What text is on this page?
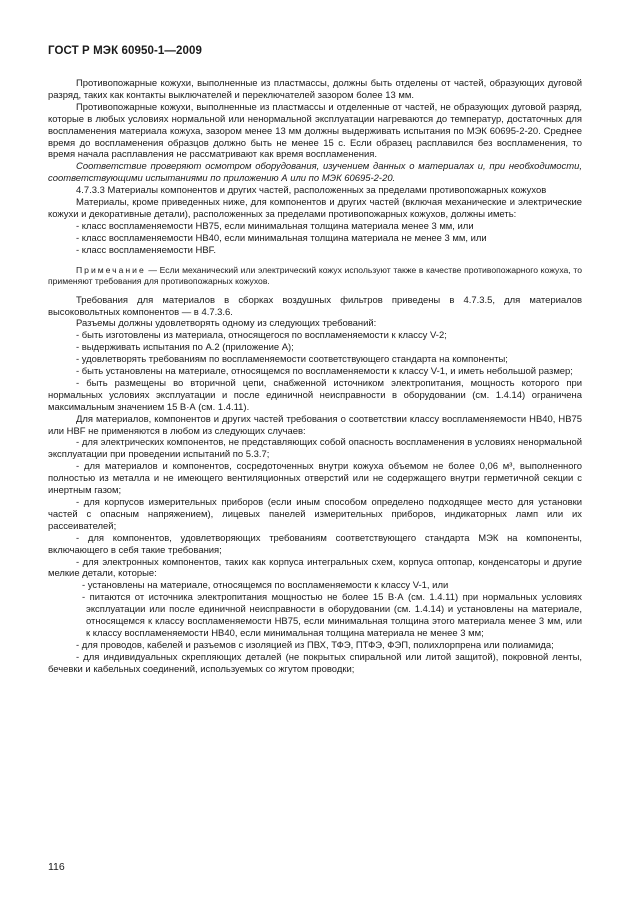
ГОСТ Р МЭК 60950-1—2009

Противопожарные кожухи, выполненные из пластмассы, должны быть отделены от частей, образующих дуговой разряд, таких как контакты выключателей и переключателей зазором более 13 мм.

Противопожарные кожухи, выполненные из пластмассы и отделенные от частей, не образующих дуговой разряд, которые в любых условиях нормальной или ненормальной эксплуатации нагреваются до температур, достаточных для воспламенения материала кожуха, зазором менее 13 мм должны выдерживать испытания по МЭК 60695-2-20. Среднее время до воспламенения образцов должно быть не менее 15 с. Если образец расплавился без воспламенения, то время начала расплавления не рассматривают как время воспламенения.

Соответствие проверяют осмотром оборудования, изучением данных о материалах и, при необходимости, соответствующими испытаниями по приложению А или по МЭК 60695-2-20.

4.7.3.3 Материалы компонентов и других частей, расположенных за пределами противопожарных кожухов

Материалы, кроме приведенных ниже, для компонентов и других частей (включая механические и электрические кожухи и декоративные детали), расположенных за пределами противопожарных кожухов, должны иметь:

- класс воспламеняемости HB75, если минимальная толщина материала менее 3 мм, или

- класс воспламеняемости HB40, если минимальная толщина материала не менее 3 мм, или

- класс воспламеняемости HBF.

Примечание — Если механический или электрический кожух используют также в качестве противопожарного кожуха, то применяют требования для противопожарных кожухов.

Требования для материалов в сборках воздушных фильтров приведены в 4.7.3.5, для материалов высоковольтных компонентов — в 4.7.3.6.

Разъемы должны удовлетворять одному из следующих требований:

- быть изготовлены из материала, относящегося по воспламеняемости к классу V-2;

- выдерживать испытания по А.2 (приложение А);

- удовлетворять требованиям по воспламеняемости соответствующего стандарта на компоненты;

- быть установлены на материале, относящемся по воспламеняемости к классу V-1, и иметь небольшой размер;

- быть размещены во вторичной цепи, снабженной источником электропитания, мощность которого при нормальных условиях эксплуатации и после единичной неисправности в оборудовании (см. 1.4.14) ограничена максимальным значением 15 В·А (см. 1.4.11).

Для материалов, компонентов и других частей требования о соответствии классу воспламеняемости HB40, HB75 или HBF не применяются в любом из следующих случаев:

- для электрических компонентов, не представляющих собой опасность воспламенения в условиях ненормальной эксплуатации при проведении испытаний по 5.3.7;

- для материалов и компонентов, сосредоточенных внутри кожуха объемом не более 0,06 м³, выполненного полностью из металла и не имеющего вентиляционных отверстий или не содержащего внутри герметичной секции с инертным газом;

- для корпусов измерительных приборов (если иным способом определено подходящее место для установки частей с опасным напряжением), лицевых панелей измерительных приборов, индикаторных ламп или их рассеивателей;

- для компонентов, удовлетворяющих требованиям соответствующего стандарта МЭК на компоненты, включающего в себя такие требования;

- для электронных компонентов, таких как корпуса интегральных схем, корпуса оптопар, конденсаторы и другие мелкие детали, которые:

- установлены на материале, относящемся по воспламеняемости к классу V-1, или

- питаются от источника электропитания мощностью не более 15 В·А (см. 1.4.11) при нормальных условиях эксплуатации или после единичной неисправности в оборудовании (см. 1.4.14) и установлены на материале, относящемся к классу воспламеняемости HB75, если минимальная толщина этого материала менее 3 мм, или к классу воспламеняемости HB40, если минимальная толщина материала не менее 3 мм;

- для проводов, кабелей и разъемов с изоляцией из ПВХ, ТФЭ, ПТФЭ, ФЭП, полихлорпрена или полиамида;

- для индивидуальных скрепляющих деталей (не покрытых спиральной или литой защитой), покровной ленты, бечевки и кабельных соединений, используемых со жгутом проводки;

116
